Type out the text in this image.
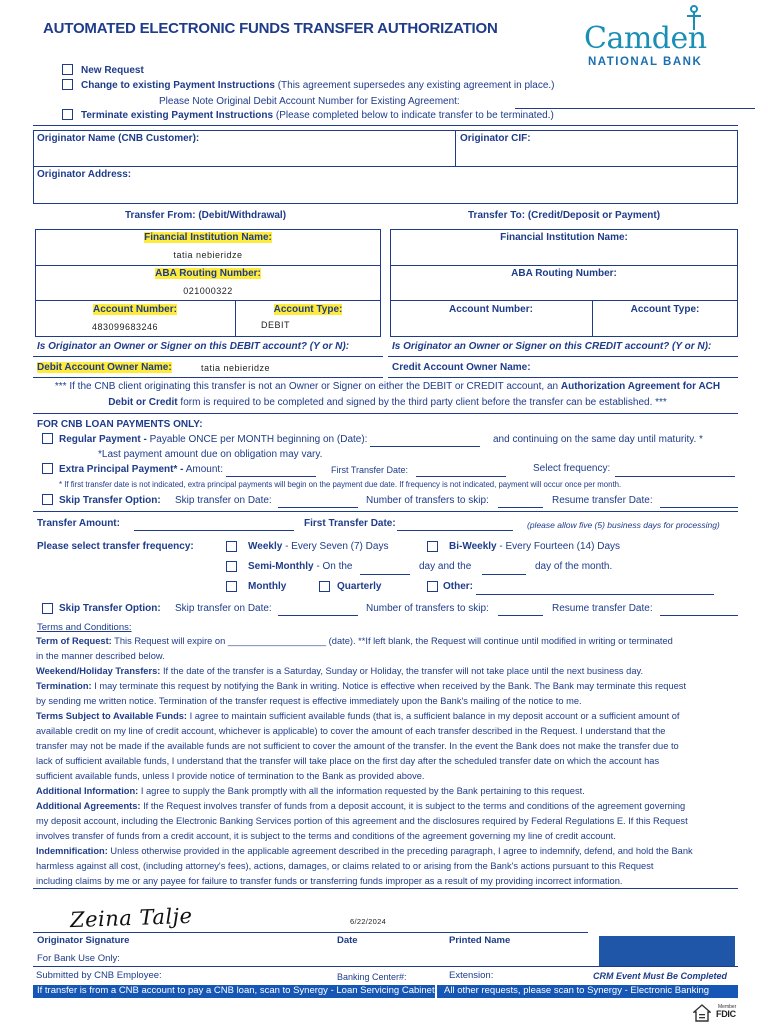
AUTOMATED ELECTRONIC FUNDS TRANSFER AUTHORIZATION	Camden
NATIONAL BANK
New Request
Change to existing Payment Instructions (This agreement supersedes any existing agreement in place.)
Please Note Original Debit Account Number for Existing Agreement:
Terminate existing Payment Instructions (Please completed below to indicate transfer to be terminated.)
Originator Name (CNB Customer):	Originator CIF:
Originator Address:
Transfer From: (Debit/Withdrawal)	Transfer To: (Credit/Deposit or Payment)
Financial Institution Name:
tatia nebieridze
ABA Routing Number:
021000322
Account Number:
483099683246
Account Type:
DEBIT
Is Originator an Owner or Signer on this DEBIT account? (Y or N):
Debit Account Owner Name:	tatia nebieridze
Financial Institution Name:
ABA Routing Number:
Account Number:	Account Type:
Is Originator an Owner or Signer on this CREDIT account? (Y or N):
Credit Account Owner Name:
*** If the CNB client originating this transfer is not an Owner or Signer on either the DEBIT or CREDIT account, an Authorization Agreement for ACH
Debit or Credit form is required to be completed and signed by the third party client before the transfer can be established. ***
FOR CNB LOAN PAYMENTS ONLY:
Regular Payment - Payable ONCE per MONTH beginning on (Date):	and continuing on the same day until maturity. *
*Last payment amount due on obligation may vary.
Extra Principal Payment* - Amount:	First Transfer Date:	Select frequency:
* If first transfer date is not indicated, extra principal payments will begin on the payment due date. If frequency is not indicated, payment will occur once per month.
Skip Transfer Option: Skip transfer on Date:	Number of transfers to skip:	Resume transfer Date:
Transfer Amount:	First Transfer Date:	(please allow five (5) business days for processing)
Please select transfer frequency:	Weekly - Every Seven (7) Days	Bi-Weekly - Every Fourteen (14) Days
Semi-Monthly - On the	day and the	day of the month.
Monthly	Quarterly	Other:
Skip Transfer Option: Skip transfer on Date:	Number of transfers to skip:	Resume transfer Date:
Terms and Conditions:
Term of Request: This Request will expire on ___________________ (date). **If left blank, the Request will continue until modified in writing or terminated
in the manner described below.
Weekend/Holiday Transfers: If the date of the transfer is a Saturday, Sunday or Holiday, the transfer will not take place until the next business day.
Termination: I may terminate this request by notifying the Bank in writing. Notice is effective when received by the Bank. The Bank may terminate this request
by sending me written notice. Termination of the transfer request is effective immediately upon the Bank's mailing of the notice to me.
Terms Subject to Available Funds: I agree to maintain sufficient available funds (that is, a sufficient balance in my deposit account or a sufficient amount of
available credit on my line of credit account, whichever is applicable) to cover the amount of each transfer described in the Request. I understand that the
transfer may not be made if the available funds are not sufficient to cover the amount of the transfer. In the event the Bank does not make the transfer due to
lack of sufficient available funds, I understand that the transfer will take place on the first day after the scheduled transfer date on which the account has
sufficient available funds, unless I provide notice of termination to the Bank as provided above.
Additional Information: I agree to supply the Bank promptly with all the information requested by the Bank pertaining to this request.
Additional Agreements: If the Request involves transfer of funds from a deposit account, it is subject to the terms and conditions of the agreement governing
my deposit account, including the Electronic Banking Services portion of this agreement and the disclosures required by Federal Regulations E. If this Request
involves transfer of funds from a credit account, it is subject to the terms and conditions of the agreement governing my line of credit account.
Indemnification: Unless otherwise provided in the applicable agreement described in the preceding paragraph, I agree to indemnify, defend, and hold the Bank
harmless against all cost, (including attorney's fees), actions, damages, or claims related to or arising from the Bank's actions pursuant to this Request
including claims by me or any payee for failure to transfer funds or transferring funds improper as a result of my providing incorrect information.
Zeina Talje	6/22/2024
Originator Signature	Date	Printed Name
For Bank Use Only:
Submitted by CNB Employee:	Banking Center#:	Extension:	CRM Event Must Be Completed
If transfer is from a CNB account to pay a CNB loan, scan to Synergy - Loan Servicing Cabinet All other requests, please scan to Synergy - Electronic Banking Cabinet	Member
FDIC
